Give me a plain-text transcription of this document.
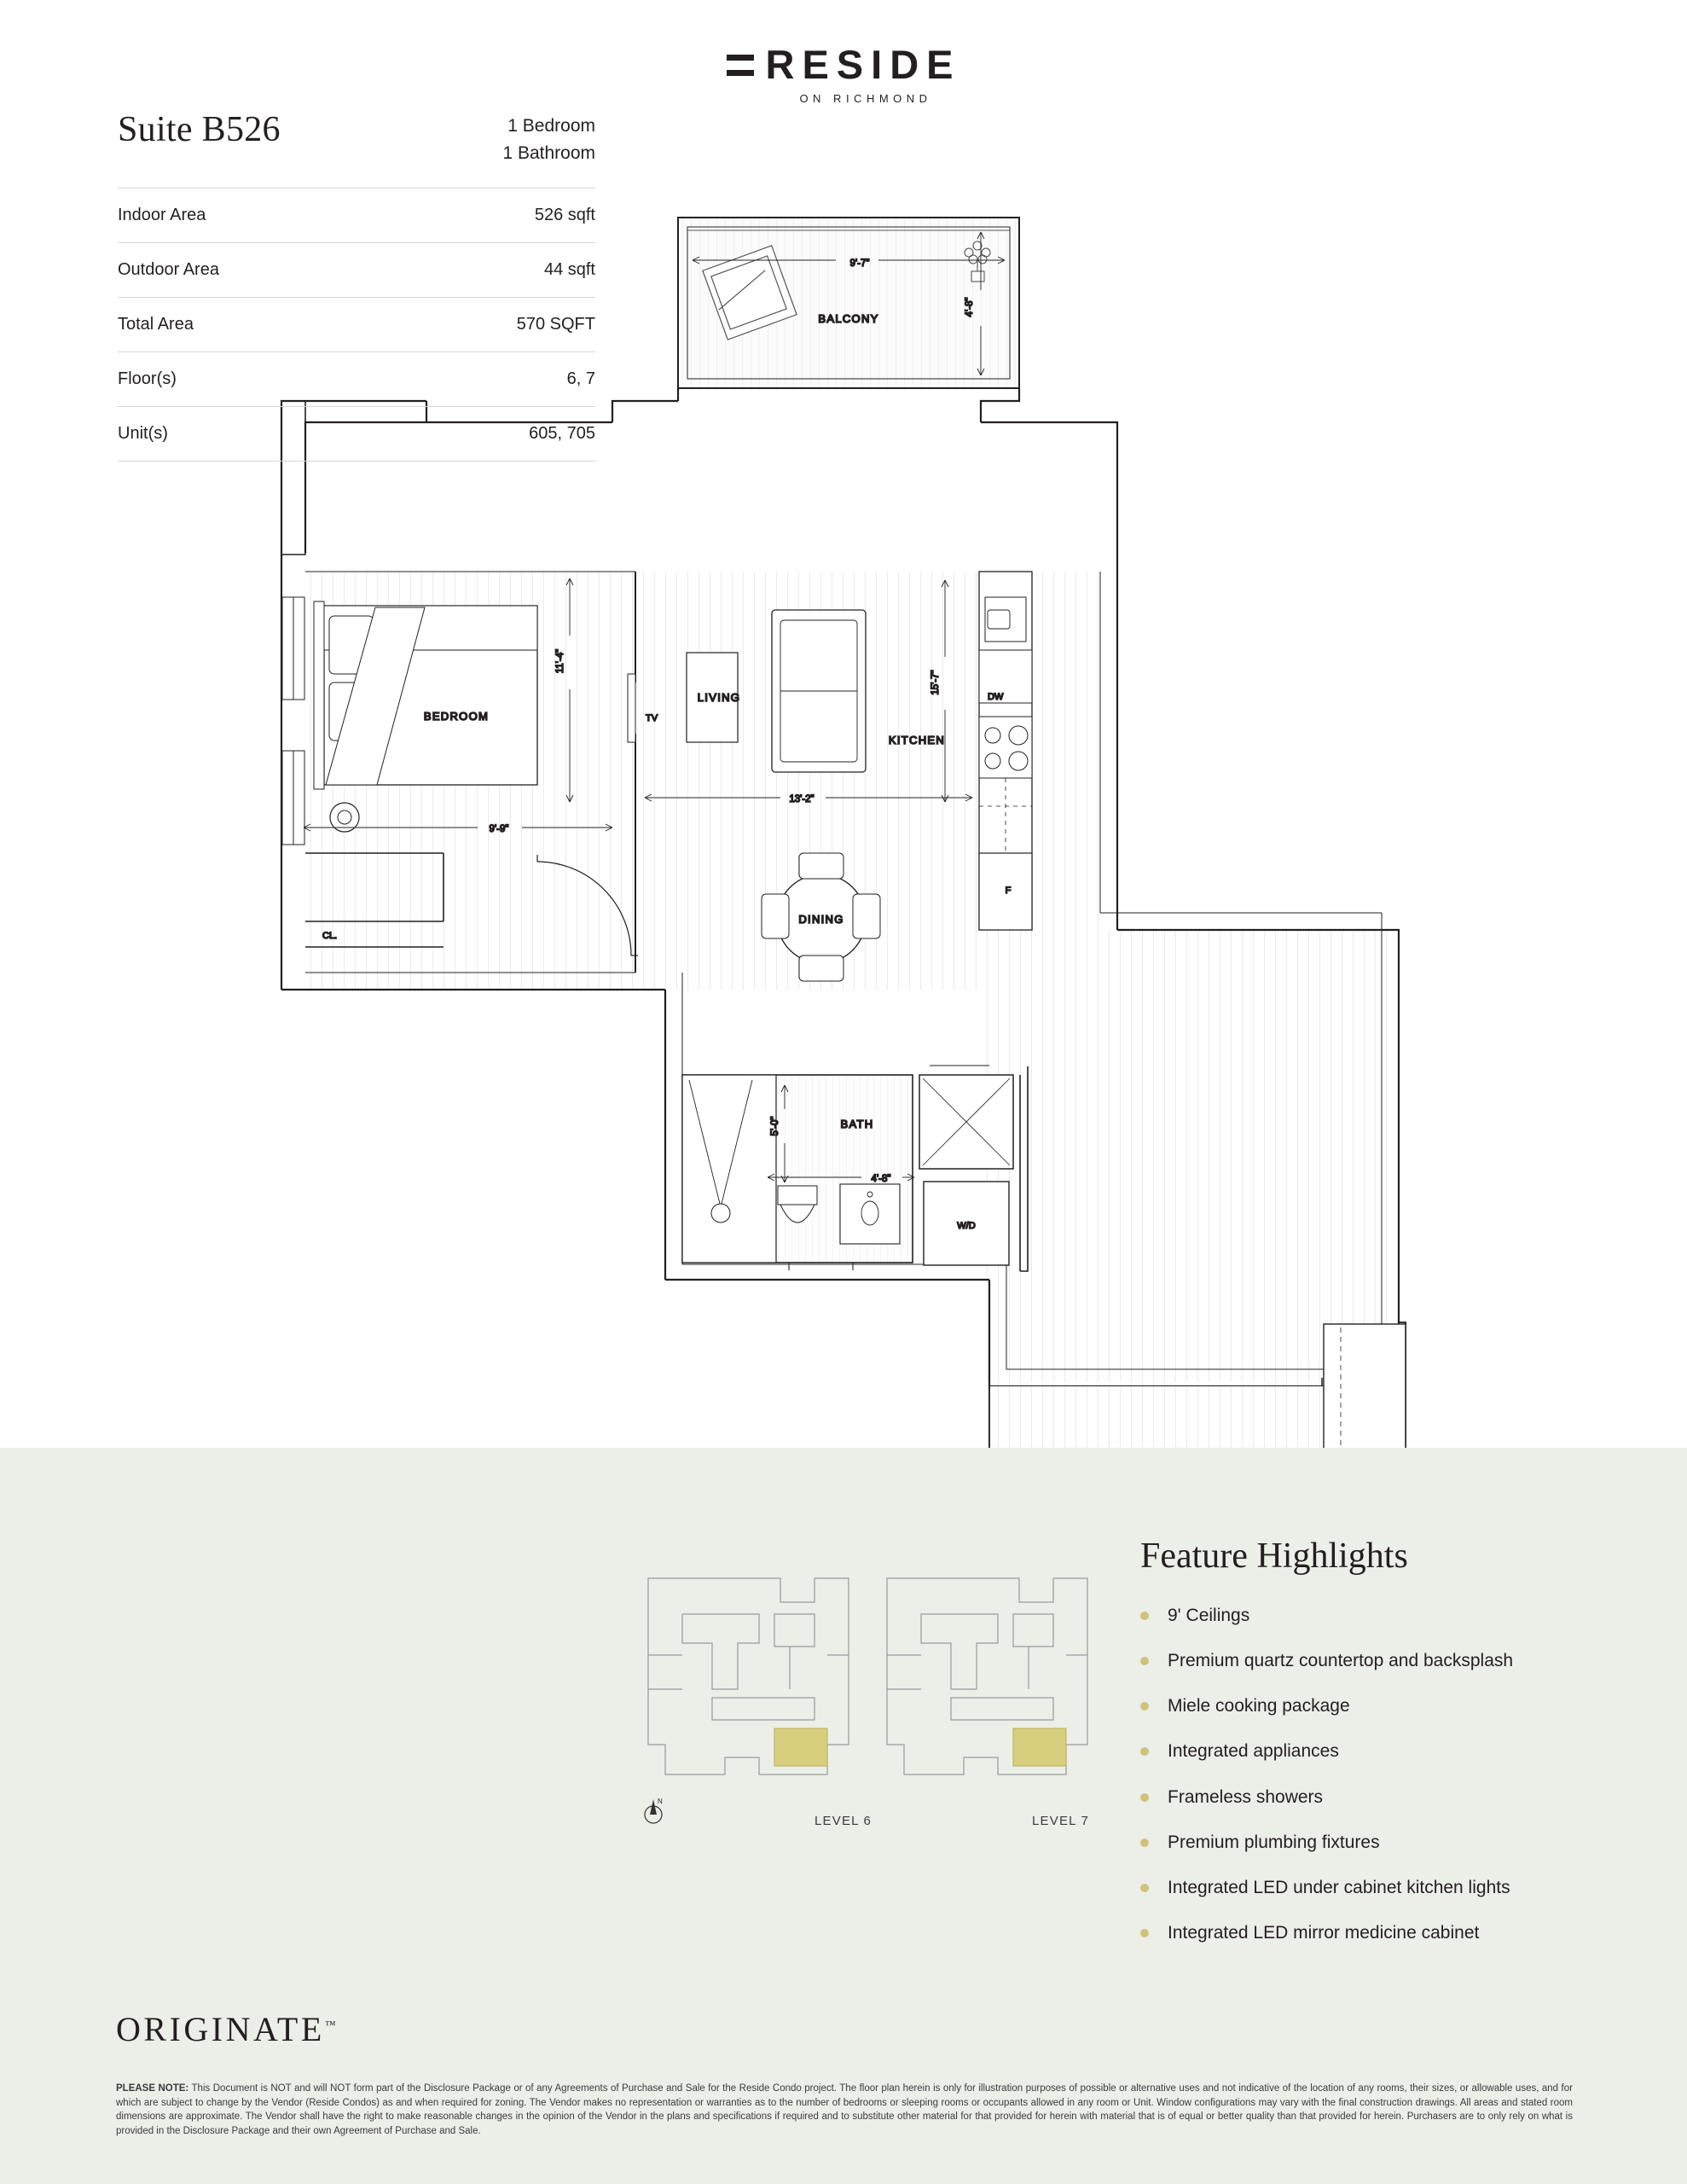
RESIDE
ON RICHMOND
BALCONY
9'-7"
4'-8"
CL.
BEDROOM
9'-9"
11'-4"
TV
LIVING
13'-2"
15'-7"
DINING
KITCHEN
DW
F
BATH
4'-8"
5'-0"
W/D
Suite B526	1 Bedroom
1 Bathroom
Indoor Area	526 sqft
Outdoor Area	44 sqft
Total Area	570 SQFT
Floor(s)	6, 7
Unit(s)	605, 705
LEVEL 6	LEVEL 7
N
Feature Highlights
9' Ceilings
Premium quartz countertop and backsplash
Miele cooking package
Integrated appliances
Frameless showers
Premium plumbing fixtures
Integrated LED under cabinet kitchen lights
Integrated LED mirror medicine cabinet
ORIGINATE™
PLEASE NOTE: This Document is NOT and will NOT form part of the Disclosure Package or of any Agreements of Purchase and Sale for the Reside Condo project. The floor plan herein is only for illustration purposes of possible or alternative uses and not indicative of the location of any rooms, their sizes, or allowable uses, and for which are subject to change by the Vendor (Reside Condos) as and when required for zoning. The Vendor makes no representation or warranties as to the number of bedrooms or sleeping rooms or occupants allowed in any room or Unit. Window configurations may vary with the final construction drawings. All areas and stated room dimensions are approximate. The Vendor shall have the right to make reasonable changes in the opinion of the Vendor in the plans and specifications if required and to substitute other material for that provided for herein with material that is of equal or better quality than that provided for herein. Purchasers are to only rely on what is provided in the Disclosure Package and their own Agreement of Purchase and Sale.
